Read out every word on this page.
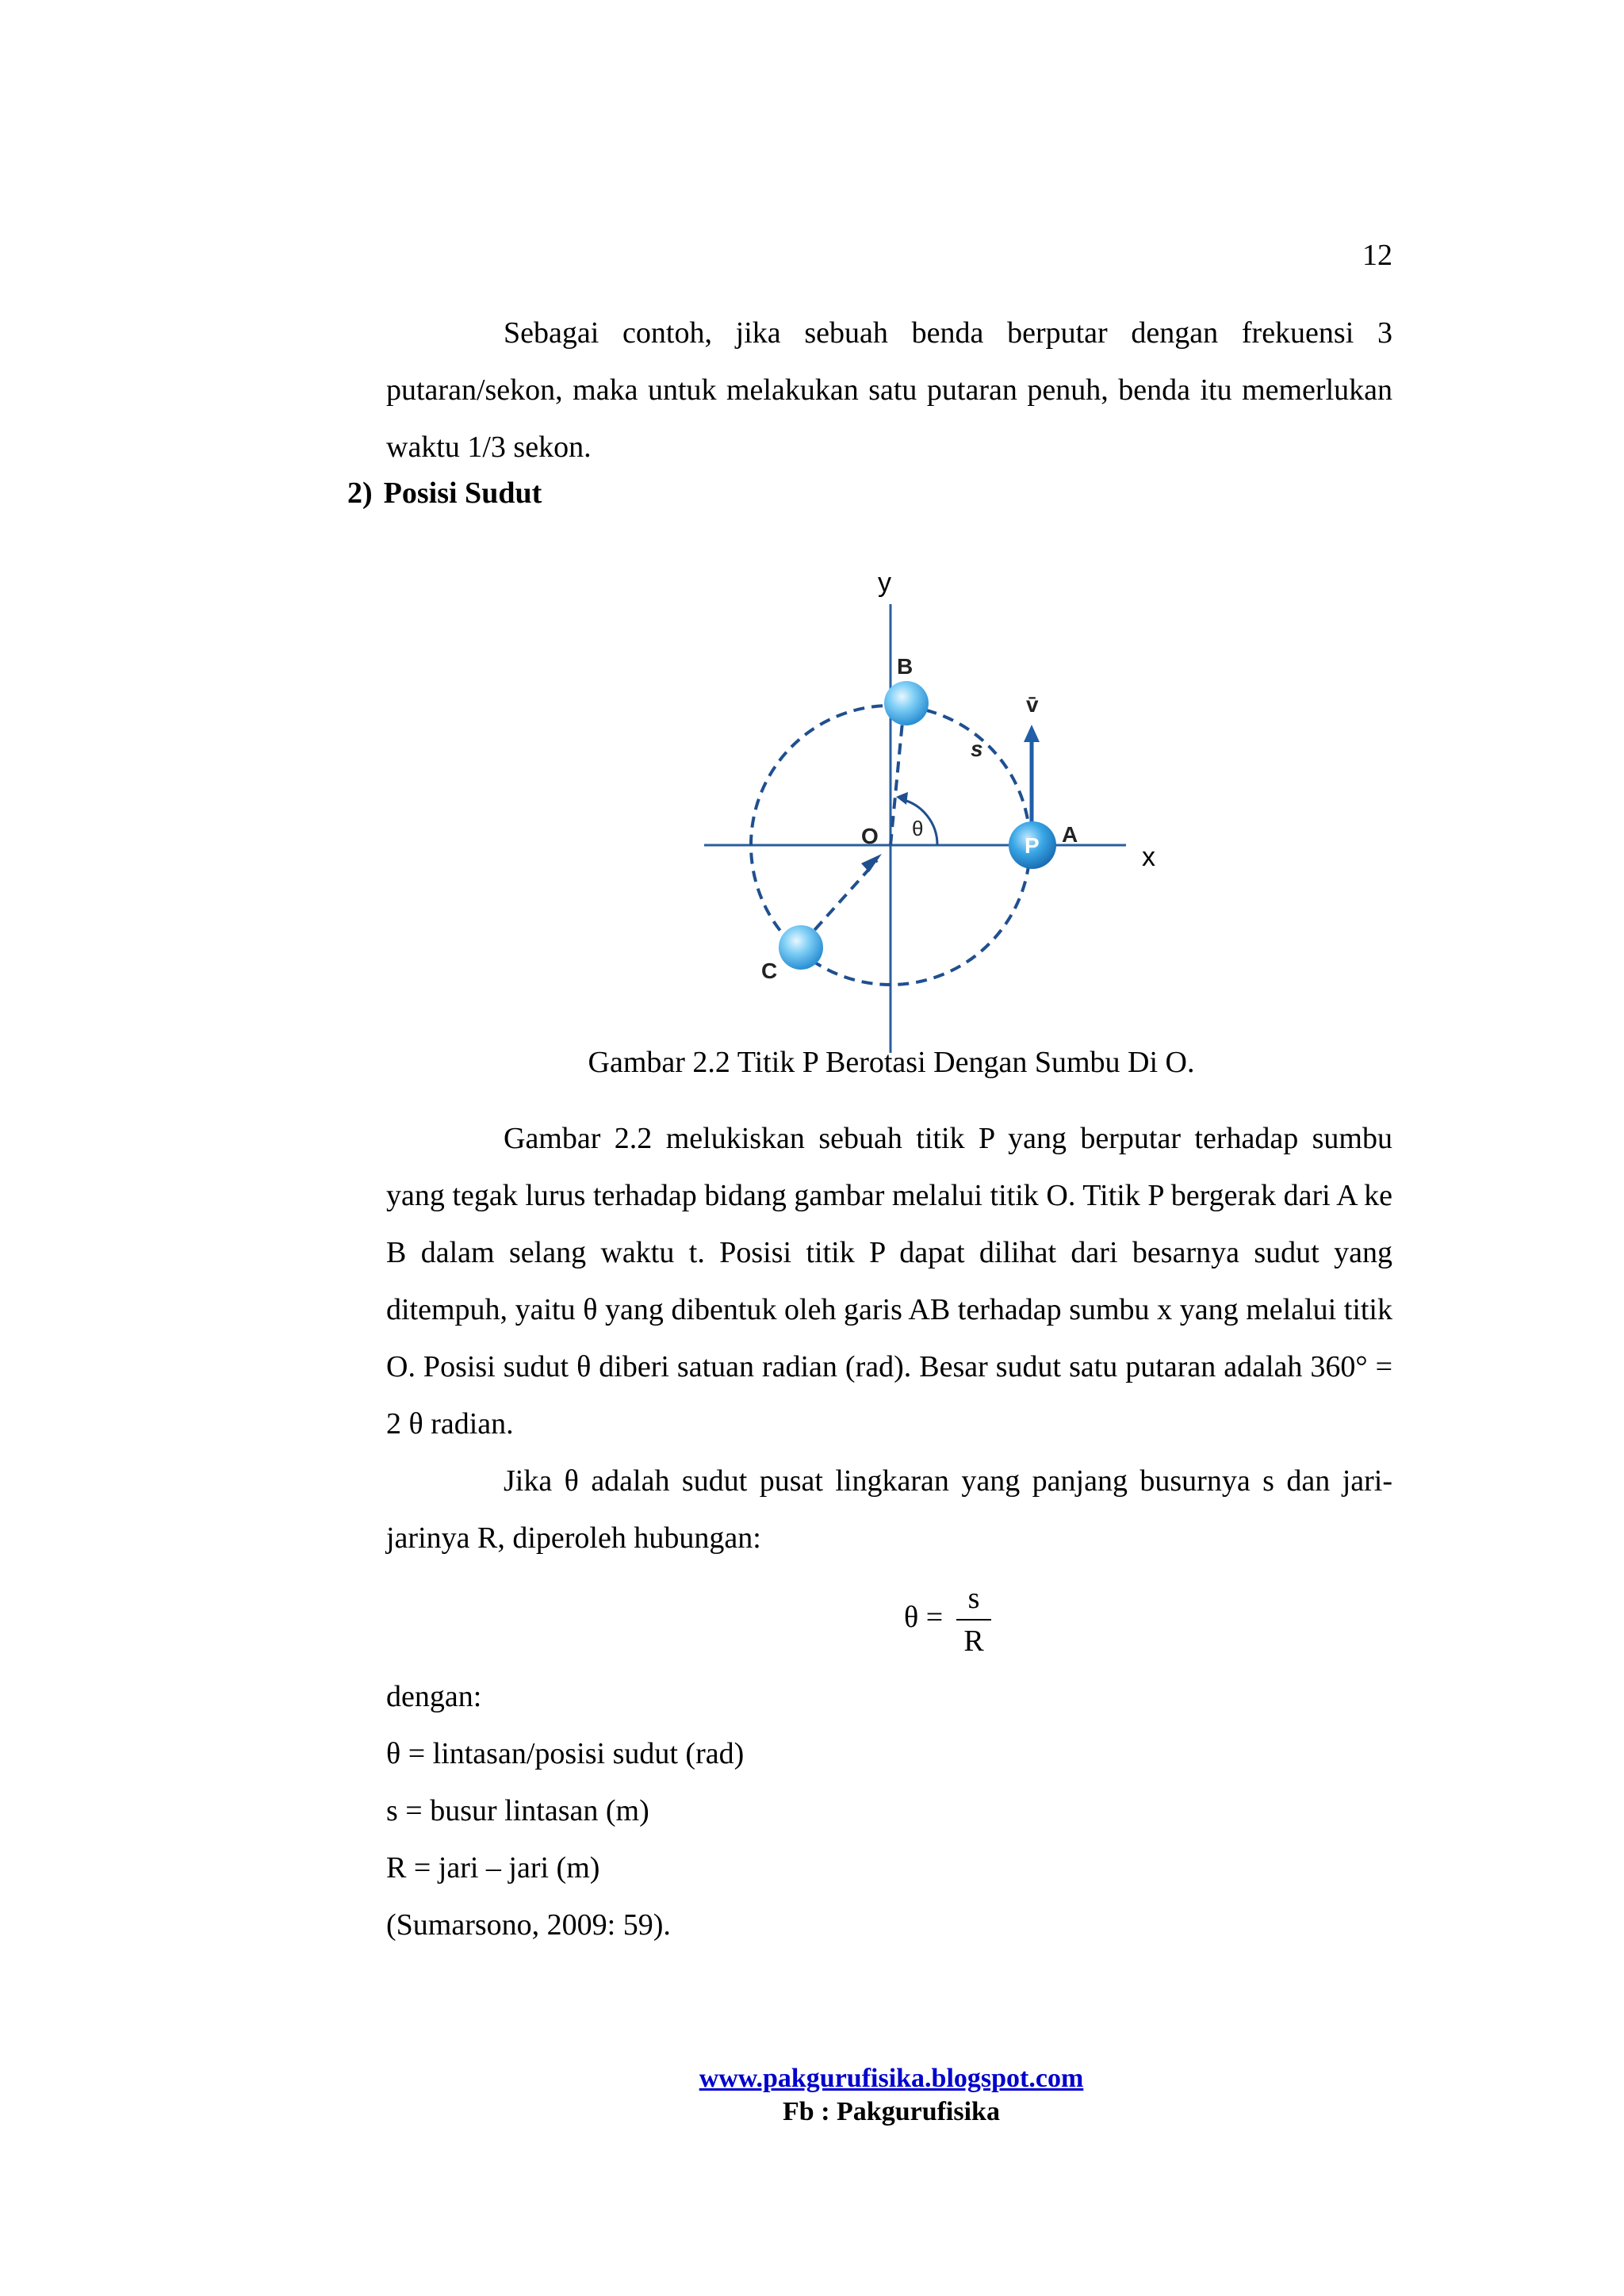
12

Sebagai contoh, jika sebuah benda berputar dengan frekuensi 3 putaran/sekon, maka untuk melakukan satu putaran penuh, benda itu memerlukan waktu 1/3 sekon.

2) Posisi Sudut
y
x
B
A
C
P
O θ
s
v̄
Gambar 2.2 Titik P Berotasi Dengan Sumbu Di O.

Gambar 2.2 melukiskan sebuah titik P yang berputar terhadap sumbu yang tegak lurus terhadap bidang gambar melalui titik O. Titik P bergerak dari A ke B dalam selang waktu t. Posisi titik P dapat dilihat dari besarnya sudut yang ditempuh, yaitu θ yang dibentuk oleh garis AB terhadap sumbu x yang melalui titik O. Posisi sudut θ diberi satuan radian (rad). Besar sudut satu putaran adalah 360° = 2 θ radian.

Jika θ adalah sudut pusat lingkaran yang panjang busurnya s dan jari-jarinya R, diperoleh hubungan:

θ =
s
R
dengan:
θ = lintasan/posisi sudut (rad)
s = busur lintasan (m)
R = jari – jari (m)
(Sumarsono, 2009: 59).
www.pakgurufisika.blogspot.com
Fb : Pakgurufisika
